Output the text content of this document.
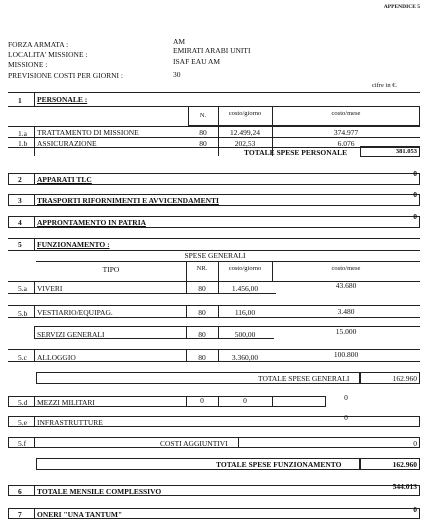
APPENDICE 5
FORZA ARMATA :	AM
LOCALITA' MISSIONE :	EMIRATI ARABI UNITI
MISSIONE :	ISAF EAU AM
PREVISIONE COSTI PER GIORNI :	30
cifre in €.
1 PERSONALE :
N.	costo/giorno	costo/mese
1.a TRATTAMENTO DI MISSIONE	80	12.499,24	374.977
1.b ASSICURAZIONE	80	202,53	6.076
TOTALE SPESE PERSONALE	381.053
2 APPARATI TLC
0
3 TRASPORTI RIFORNIMENTI E AVVICENDAMENTI
0
4 APPRONTAMENTO IN PATRIA
0
5 FUNZIONAMENTO :
SPESE GENERALI
TIPO	NR.	costo/giorno	costo/mese
5.a VIVERI	80	1.456,00	43.680
5.b VESTIARIO/EQUIPAG.	80	116,00	3.480
SERVIZI GENERALI	80	500,00	15.000
5.c ALLOGGIO	80	3.360,00	100.800
TOTALE SPESE GENERALI	162.960
5.d MEZZI MILITARI	0	0	0
5.e INFRASTRUTTURE
0
5.f	COSTI AGGIUNTIVI	0
TOTALE SPESE FUNZIONAMENTO	162.960
6 TOTALE MENSILE COMPLESSIVO
544.013
7 ONERI "UNA TANTUM"
0
